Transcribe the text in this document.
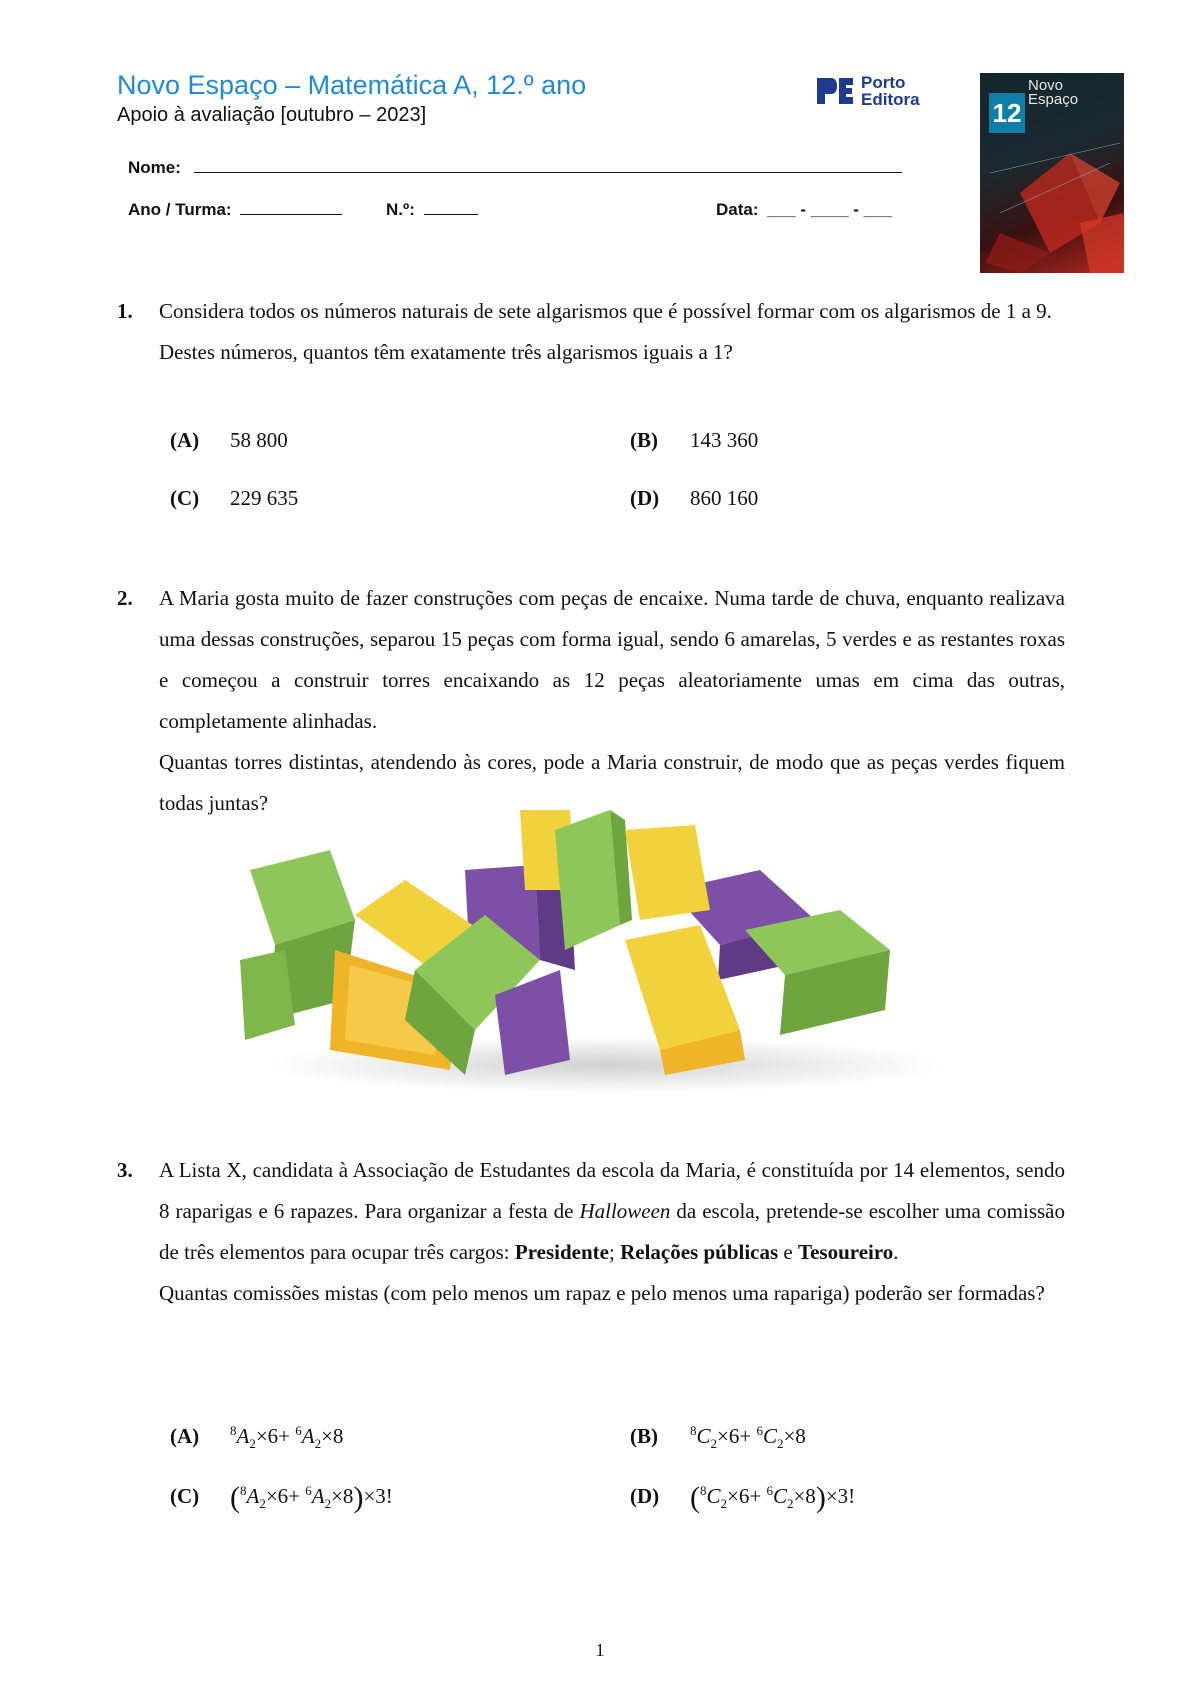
Novo Espaço – Matemática A, 12.º ano
Apoio à avaliação [outubro – 2023]
Porto
Editora	12
Novo
Espaço
Nome:
Ano / Turma:	N.º:	Data: ___ - ____ - ___
1. Considera todos os números naturais de sete algarismos que é possível formar com os algarismos de 1 a 9.
Destes números, quantos têm exatamente três algarismos iguais a 1?
(A) 58 800	(B) 143 360
(C) 229 635	(D) 860 160
2. A Maria gosta muito de fazer construções com peças de encaixe. Numa tarde de chuva, enquanto realizava uma dessas construções, separou 15 peças com forma igual, sendo 6 amarelas, 5 verdes e as restantes roxas e começou a construir torres encaixando as 12 peças aleatoriamente umas em cima das outras, completamente alinhadas.
Quantas torres distintas, atendendo às cores, pode a Maria construir, de modo que as peças verdes fiquem todas juntas?
3. A Lista X, candidata à Associação de Estudantes da escola da Maria, é constituída por 14 elementos, sendo 8 raparigas e 6 rapazes. Para organizar a festa de Halloween da escola, pretende-se escolher uma comissão de três elementos para ocupar três cargos: Presidente; Relações públicas e Tesoureiro.
Quantas comissões mistas (com pelo menos um rapaz e pelo menos uma rapariga) poderão ser formadas?
(A) $^8A_2\times 6+ ^6A_2\times 8$	(B) $^8C_2\times 6+ ^6C_2\times 8$
(C) $(^8A_2\times 6+ ^6A_2\times 8)\times 3$!	(D) $(^8C_2\times 6+ ^6C_2\times 8)\times 3$!
1
